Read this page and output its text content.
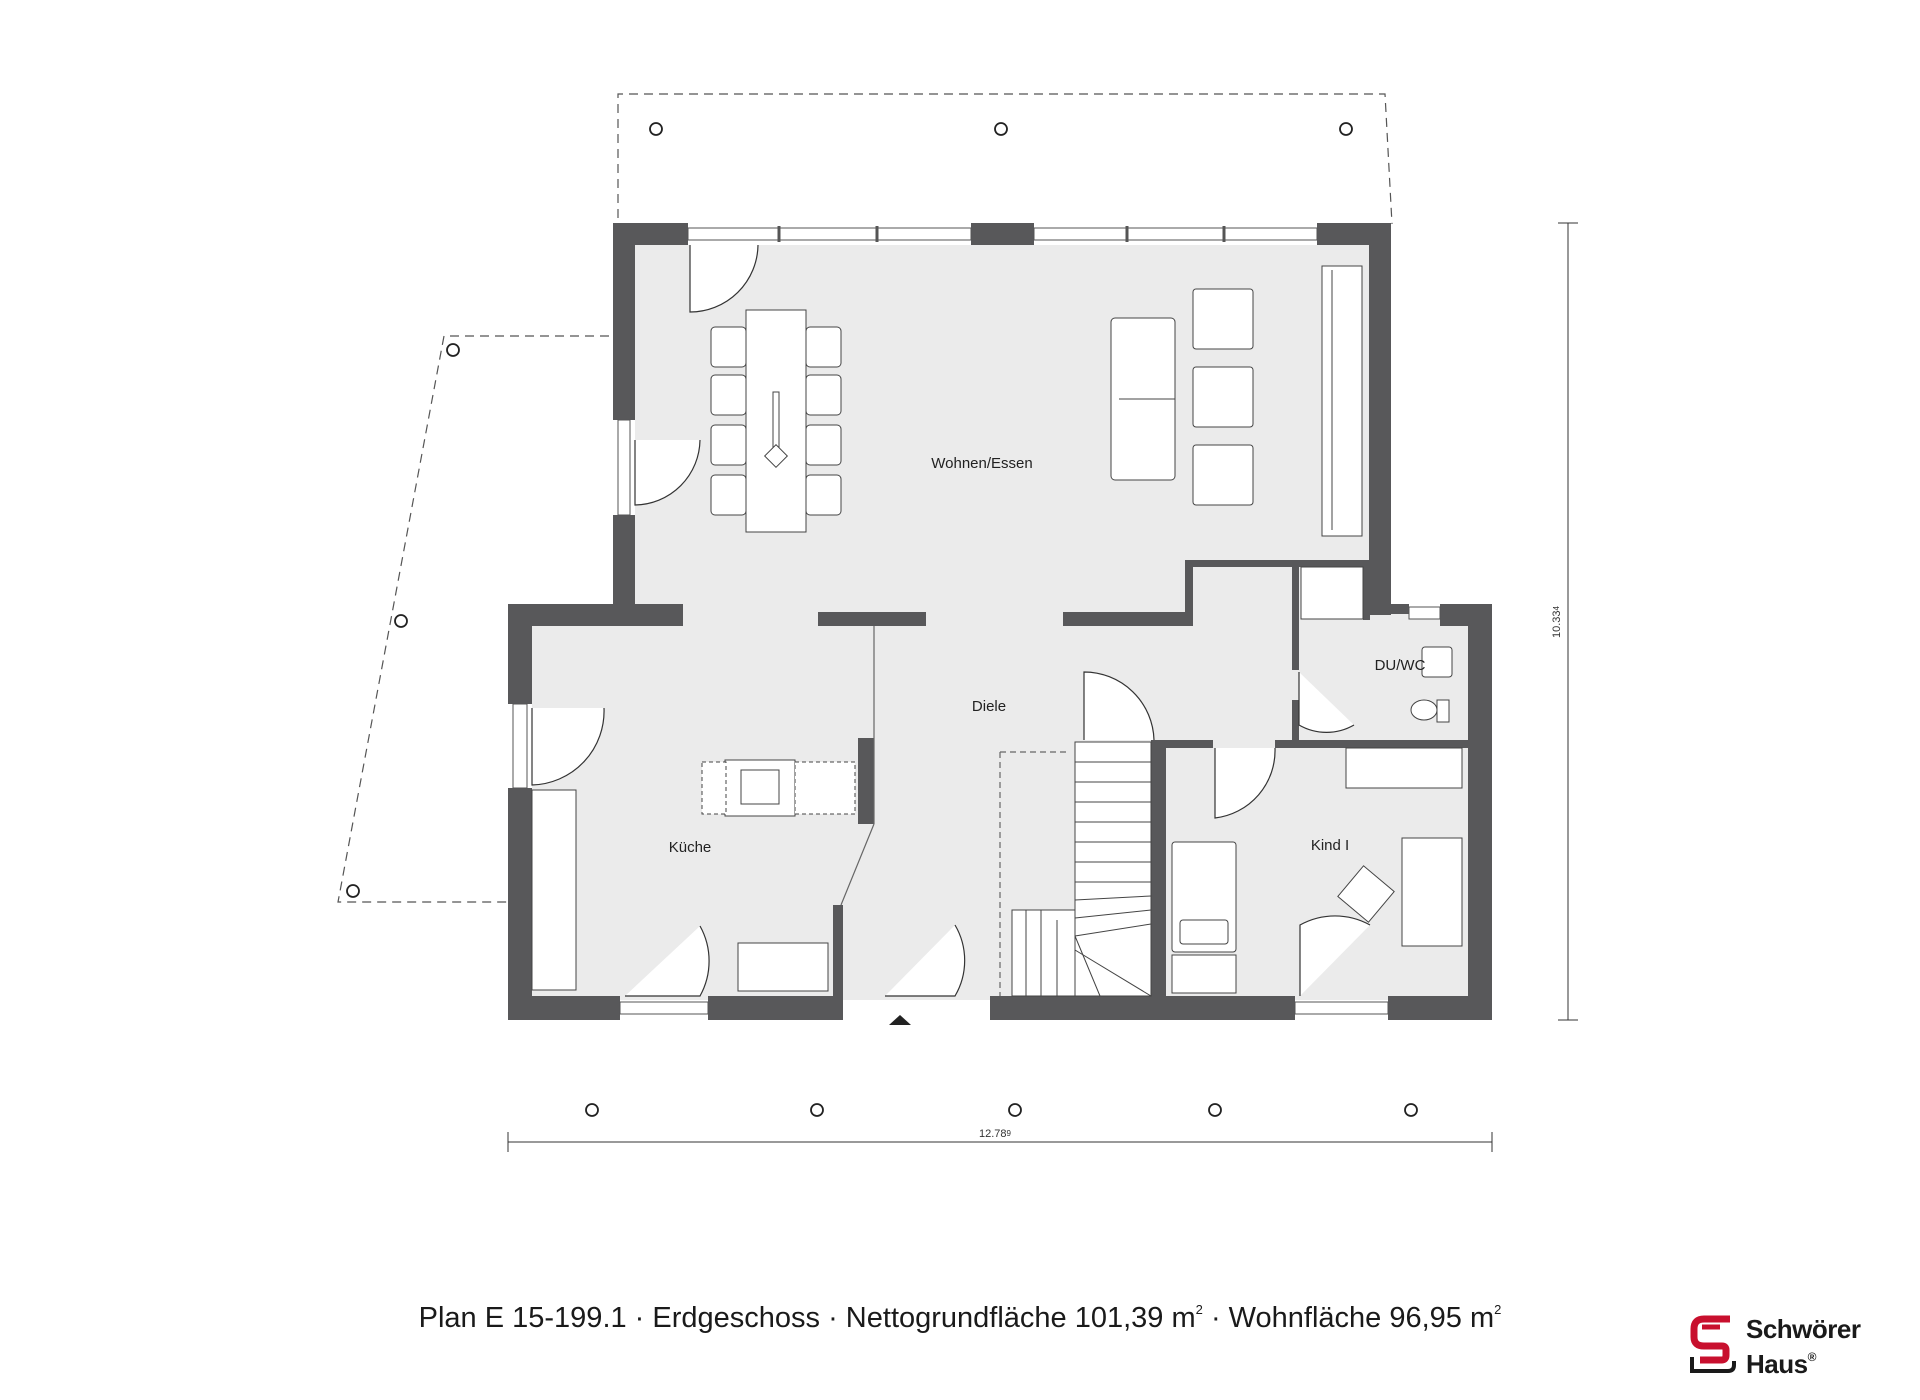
Wohnen/Essen
Diele
DU/WC
Küche	Kind I
12.789
10.334
Plan E 15-199.1 · Erdgeschoss · Nettogrundfläche 101,39 $m^2$ · Wohnfläche 96,95 $m^2$
Schwörer
Haus®
